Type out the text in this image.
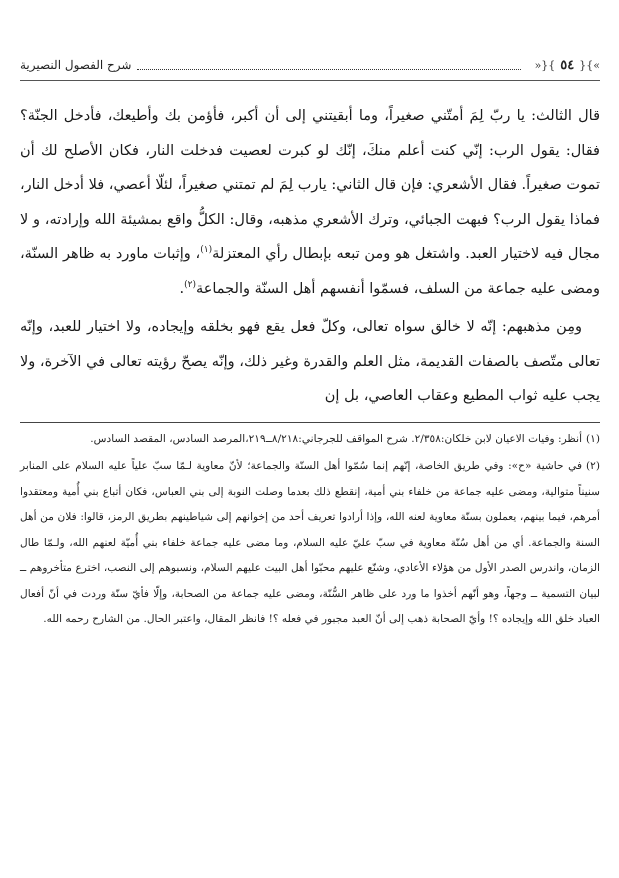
»}{
٥٤
}{«
شرح الفصول النصيرية

قال الثالث: يا ربّ لِمَ أمتّني صغيراً، وما أبقيتني إلى أن أكبر، فأؤمن بك وأطيعك، فأدخل الجنّة؟ فقال: يقول الرب: إنّي كنت أعلم منكَ، إنّك لو كبرت لعصيت فدخلت النار، فكان الأصلح لك أن تموت صغيراً. فقال الأشعري: فإن قال الثاني: يارب لِمَ لم تمتني صغيراً، لئلّا أعصي، فلا أدخل النار، فماذا يقول الرب؟ فبهت الجبائي، وترك الأشعري مذهبه، وقال: الكلُّ واقع بمشيئة الله وإرادته، و لا مجال فيه لاختيار العبد. واشتغل هو ومن تبعه بإبطال رأي المعتزلة$^{(١)}$، وإثبات ماورد به ظاهر السنّة، ومضى عليه جماعة من السلف، فسمّوا أنفسهم أهل السنّة والجماعة$^{(٢)}$.

ومِن مذهبهم: إنّه لا خالق سواه تعالى، وكلّ فعل يقع فهو بخلقه وإيجاده، ولا اختيار للعبد، وإنّه تعالى متّصف بالصفات القديمة، مثل العلم والقدرة وغير ذلك، وإنّه يصحّ رؤيته تعالى في الآخرة، ولا يجب عليه ثواب المطيع وعقاب العاصي، بل إن

(١)أنظر: وفيات الاعيان لابن خلكان:٢/٣٥٨. شرح المواقف للجرجاني:٨/٢١٨ــ٢١٩،المرصد السادس، المقصد السادس.

(٢)في حاشية «ح»: وفي طريق الخاصة، إنّهم إنما سُمّوا أهل السنّة والجماعة؛ لأنّ معاوية لـمّا سبّ علياً عليه السلام على المنابر سنيناً متوالية، ومضى عليه جماعة من خلفاء بني أمية، إنقطع ذلك بعدما وصلت النوبة إلى بني العباس، فكان أتباع بني أُمية ومعتقدوا أمرهم، فيما بينهم، يعملون بسنّة معاوية لعنه الله، وإذا أرادوا تعريف أحد من إخوانهم إلى شياطينهم بطريق الرمز، قالوا: فلان من أهل السنة والجماعة. أي من أهل سُنّة معاوية في سبّ عليّ عليه السلام، وما مضى عليه جماعة خلفاء بني أُميّة لعنهم الله، ولـمّا طال الزمان، واندرس الصدر الأول من هؤلاء الأعادي، وشنّع عليهم محبّوا أهل البيت عليهم السلام، ونسبوهم إلى النصب، اخترع متأخروهم ــ لبيان التسمية ــ وجهاً، وهو أنّهم أخذوا ما ورد على ظاهر السُّنّة، ومضى عليه جماعة من الصحابة، وإلّا فأيّ سنّة وردت في أنّ أفعال العباد خلق الله وإيجاده ؟! وأيّ الصحابة ذهب إلى أنّ العبد مجبور في فعله ؟! فانظر المقال، واعتبر الحال. من الشارح رحمه الله.
